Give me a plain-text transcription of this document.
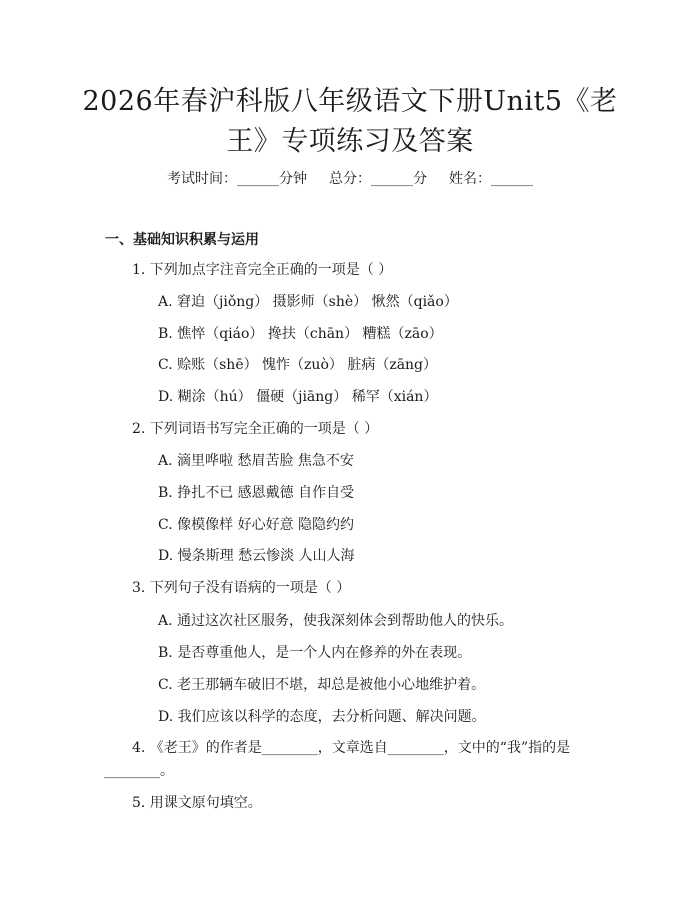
2026年春沪科版八年级语文下册Unit5《老
王》专项练习及答案
考试时间：______分钟 总分：______分 姓名：______
一、基础知识积累与运用
1. 下列加点字注音完全正确的一项是（ ）
A. 窘迫（jiǒng） 摄影师（shè） 愀然（qiǎo）
B. 憔悴（qiáo） 搀扶（chān） 糟糕（zāo）
C. 赊账（shē） 愧怍（zuò） 脏病（zāng）
D. 糊涂（hú） 僵硬（jiāng） 稀罕（xián）
2. 下列词语书写完全正确的一项是（ ）
A. 滴里哗啦 愁眉苦脸 焦急不安
B. 挣扎不已 感恩戴德 自作自受
C. 像模像样 好心好意 隐隐约约
D. 慢条斯理 愁云惨淡 人山人海
3. 下列句子没有语病的一项是（ ）
A. 通过这次社区服务，使我深刻体会到帮助他人的快乐。
B. 是否尊重他人，是一个人内在修养的外在表现。
C. 老王那辆车破旧不堪，却总是被他小心地维护着。
D. 我们应该以科学的态度，去分析问题、解决问题。
4. 《老王》的作者是________，文章选自________，文中的“我”指的是
________。
5. 用课文原句填空。
